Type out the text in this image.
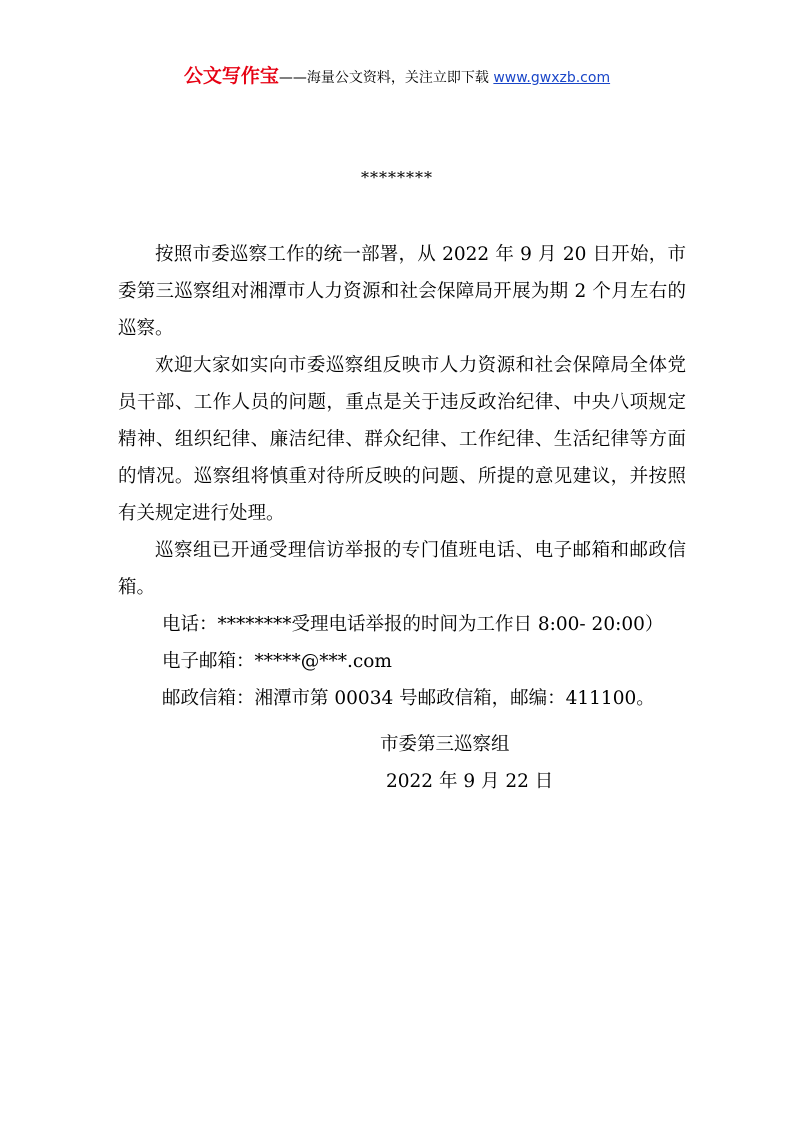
公文写作宝——海量公文资料，关注立即下载 www.gwxzb.com
********

按照市委巡察工作的统一部署，从 2022 年 9 月 20 日开始，市委第三巡察组对湘潭市人力资源和社会保障局开展为期 2 个月左右的巡察。

欢迎大家如实向市委巡察组反映市人力资源和社会保障局全体党员干部、工作人员的问题，重点是关于违反政治纪律、中央八项规定精神、组织纪律、廉洁纪律、群众纪律、工作纪律、生活纪律等方面的情况。巡察组将慎重对待所反映的问题、所提的意见建议，并按照有关规定进行处理。

巡察组已开通受理信访举报的专门值班电话、电子邮箱和邮政信箱。

电话：********受理电话举报的时间为工作日 8:00- 20:00）

电子邮箱：*****@***.com

邮政信箱：湘潭市第 00034 号邮政信箱，邮编：411100。

市委第三巡察组
2022 年 9 月 22 日
